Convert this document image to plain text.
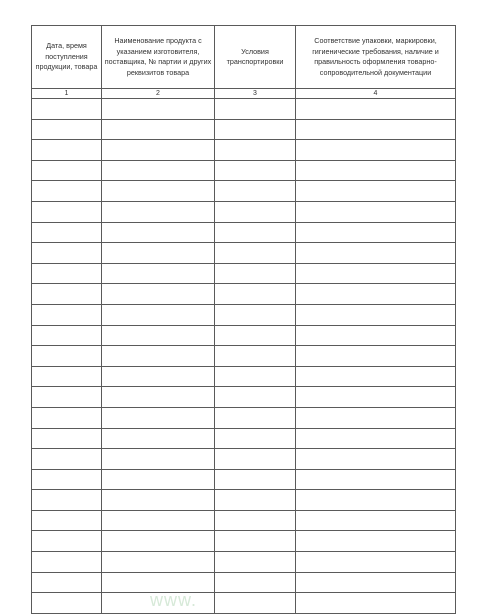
Дата, время поступления продукции, товара	Наименование продукта с указанием изготовителя, поставщика, № партии и других реквизитов товара	Условия транспортировки	Соответствие упаковки, маркировки, гигиенические требования, наличие и правильность оформления товарно-сопроводительной документации
1	2	3	4

www.
